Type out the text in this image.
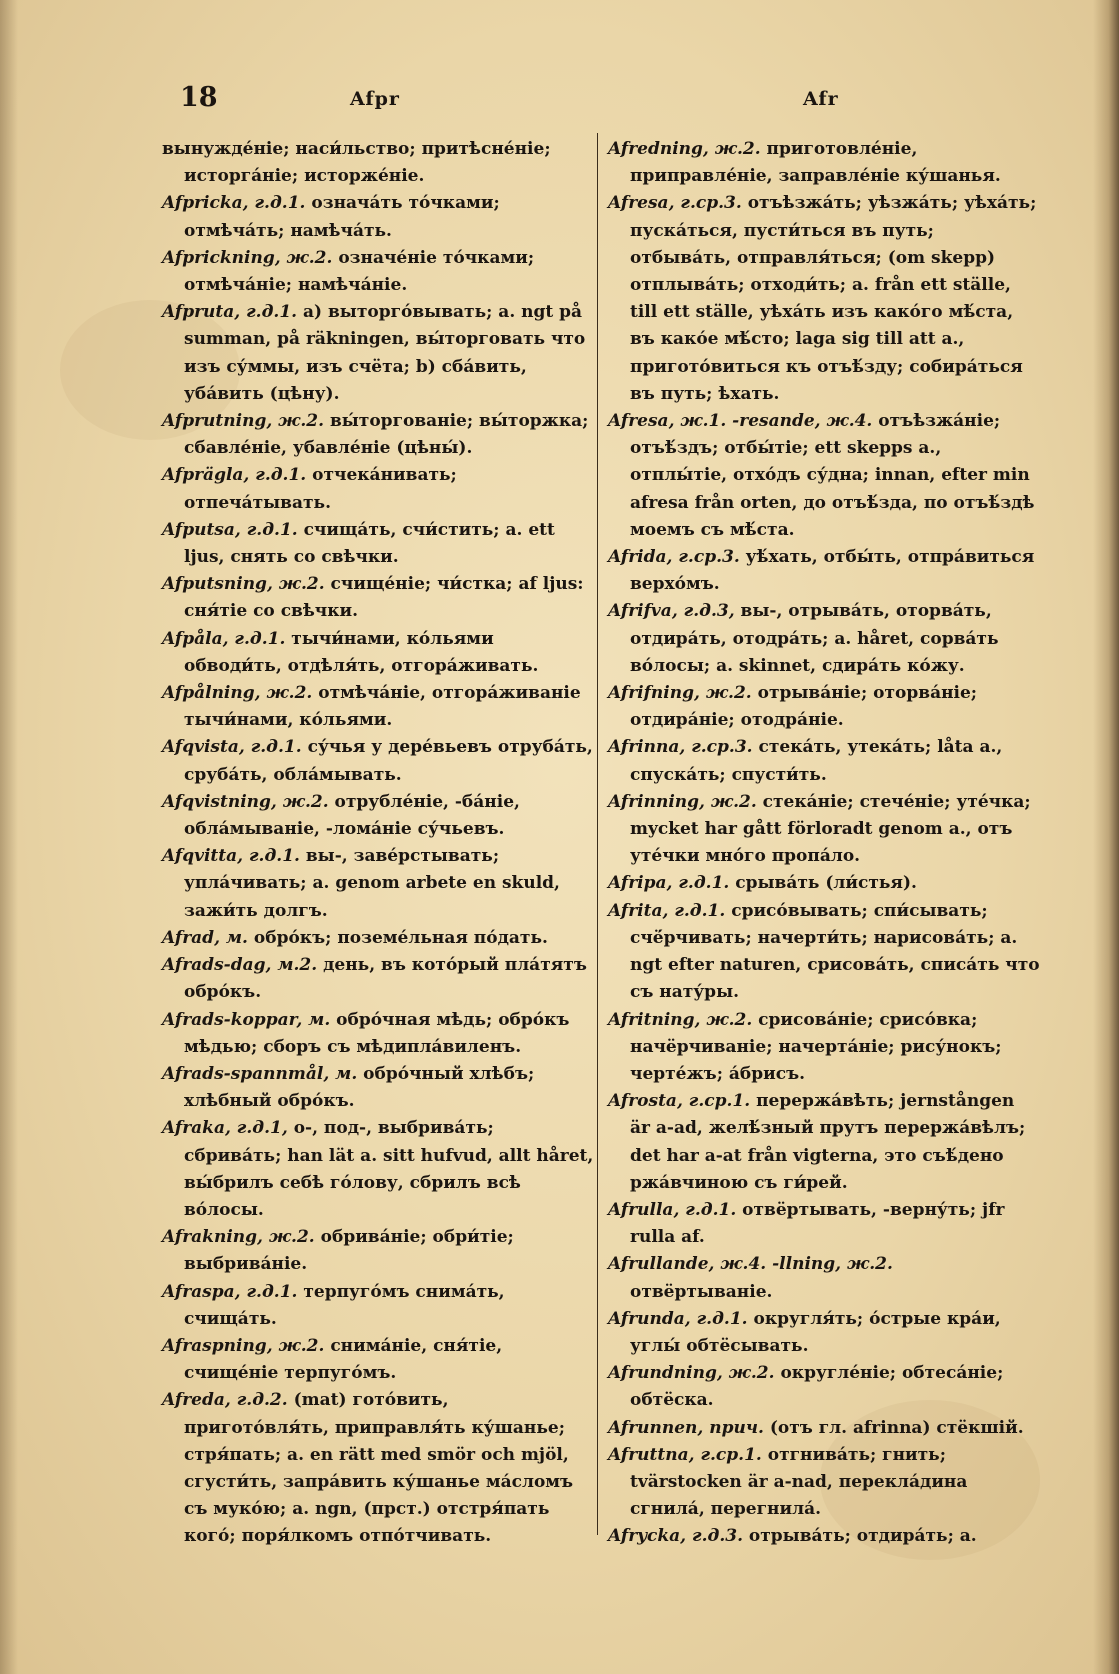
18	Afpr	Afr

вынужде́ніе; наси́льство; притѣсне́ніе; исторга́ніе; исторже́ніе.

Afpricka, г.д.1. означа́ть то́чками; отмѣча́ть; намѣча́ть.

Afprickning, ж.2. означе́ніе то́чками; отмѣча́ніе; намѣча́ніе.

Afpruta, г.д.1. a) выторго́вывать; a. ngt på summan, på räkningen, вы́торговать что изъ су́ммы, изъ счёта; b) сба́вить, уба́вить (цѣну).

Afprutning, ж.2. вы́торгованіе; вы́торжка; сбавле́ніе, убавле́ніе (цѣны́).

Afprägla, г.д.1. отчека́нивать; отпеча́тывать.

Afputsa, г.д.1. счища́ть, счи́стить; a. ett ljus, снять со свѣчки.

Afputsning, ж.2. счище́ніе; чи́стка; af ljus: сня́тіе со свѣчки.

Afpåla, г.д.1. тычи́нами, ко́льями обводи́ть, отдѣля́ть, отгора́живать.

Afpålning, ж.2. отмѣча́ніе, отгора́живаніе тычи́нами, ко́льями.

Afqvista, г.д.1. су́чья у дере́вьевъ отруба́ть, сруба́ть, обла́мывать.

Afqvistning, ж.2. отрубле́ніе, -ба́ніе, обла́мываніе, -лома́ніе су́чьевъ.

Afqvitta, г.д.1. вы-, заве́рстывать; упла́чивать; a. genom arbete en skuld, зажи́ть долгъ.

Afrad, м. обро́къ; поземе́льная по́дать.

Afrads-dag, м.2. день, въ кото́рый пла́тятъ обро́къ.

Afrads-koppar, м. обро́чная мѣдь; обро́къ мѣдью; сборъ съ мѣдипла́виленъ.

Afrads-spannmål, м. обро́чный хлѣбъ; хлѣбный обро́къ.

Afraka, г.д.1, о-, под-, выбрива́ть; сбрива́ть; han lät a. sitt hufvud, allt håret, вы́брилъ себѣ го́лову, сбрилъ всѣ во́лосы.

Afrakning, ж.2. обрива́ніе; обри́тіе; выбрива́ніе.

Afraspa, г.д.1. терпуго́мъ снима́ть, счища́ть.

Afraspning, ж.2. снима́ніе, сня́тіе, счище́ніе терпуго́мъ.

Afreda, г.д.2. (mat) гото́вить, пригото́вля́ть, приправля́ть ку́шанье; стря́пать; a. en rätt med smör och mjöl, сгусти́ть, запра́вить ку́шанье ма́сломъ съ муко́ю; a. ngn, (прст.) отстря́пать кого́; поря́лкомъ отпо́тчивать.

Afredning, ж.2. приготовле́ніе, приправле́ніе, заправле́ніе ку́шанья.

Afresa, г.ср.3. отъѣзжа́ть; уѣзжа́ть; уѣха́ть; пуска́ться, пусти́ться въ путь; отбыва́ть, отправля́ться; (om skepp) отплыва́ть; отходи́ть; a. från ett ställe, till ett ställe, уѣха́ть изъ како́го мѣ́ста, въ како́е мѣ́сто; laga sig till att a., пригото́виться къ отъѣ́зду; собира́ться въ путь; ѣхать.

Afresa, ж.1. -resande, ж.4. отъѣзжа́ніе; отъѣ́здъ; отбы́тіе; ett skepps a., отплы́тіе, отхо́дъ су́дна; innan, efter min afresa från orten, до отъѣ́зда, по отъѣ́здѣ моемъ съ мѣ́ста.

Afrida, г.ср.3. уѣ́хать, отбы́ть, отпра́виться верхо́мъ.

Afrifva, г.д.3, вы-, отрыва́ть, оторва́ть, отдира́ть, отодра́ть; a. håret, сорва́ть во́лосы; a. skinnet, сдира́ть ко́жу.

Afrifning, ж.2. отрыва́ніе; оторва́ніе; отдира́ніе; отодра́ніе.

Afrinna, г.ср.3. стека́ть, утека́ть; låta a., спуска́ть; спусти́ть.

Afrinning, ж.2. стека́ніе; стече́ніе; уте́чка; mycket har gått förloradt genom a., отъ уте́чки мно́го пропа́ло.

Afripa, г.д.1. срыва́ть (ли́стья).

Afrita, г.д.1. срисо́вывать; спи́сывать; счё́рчивать; начерти́ть; нарисова́ть; a. ngt efter naturen, срисова́ть, списа́ть что съ нату́ры.

Afritning, ж.2. срисова́ніе; срисо́вка; начёрчиваніе; начерта́ніе; рису́нокъ; черте́жъ; а́брисъ.

Afrosta, г.ср.1. перержа́вѣть; jernstången är a-ad, желѣ́зный прутъ перержа́вѣлъ; det har a-at från vigterna, это съѣ́дено ржа́вчиною съ ги́рей.

Afrulla, г.д.1. отвёртывать, -верну́ть; jfr rulla af.

Afrullande, ж.4. -llning, ж.2. отвёртываніе.

Afrunda, г.д.1. округля́ть; о́стрые кра́и, углы́ обтёсывать.

Afrundning, ж.2. округле́ніе; обтеса́ніе; обтёска.

Afrunnen, прич. (отъ гл. afrinna) стёкшій.

Afruttna, г.ср.1. отгнива́ть; гнить; tvärstocken är a-nad, перекла́дина сгнила́, перегнила́.

Afrycka, г.д.3. отрыва́ть; отдира́ть; a.
